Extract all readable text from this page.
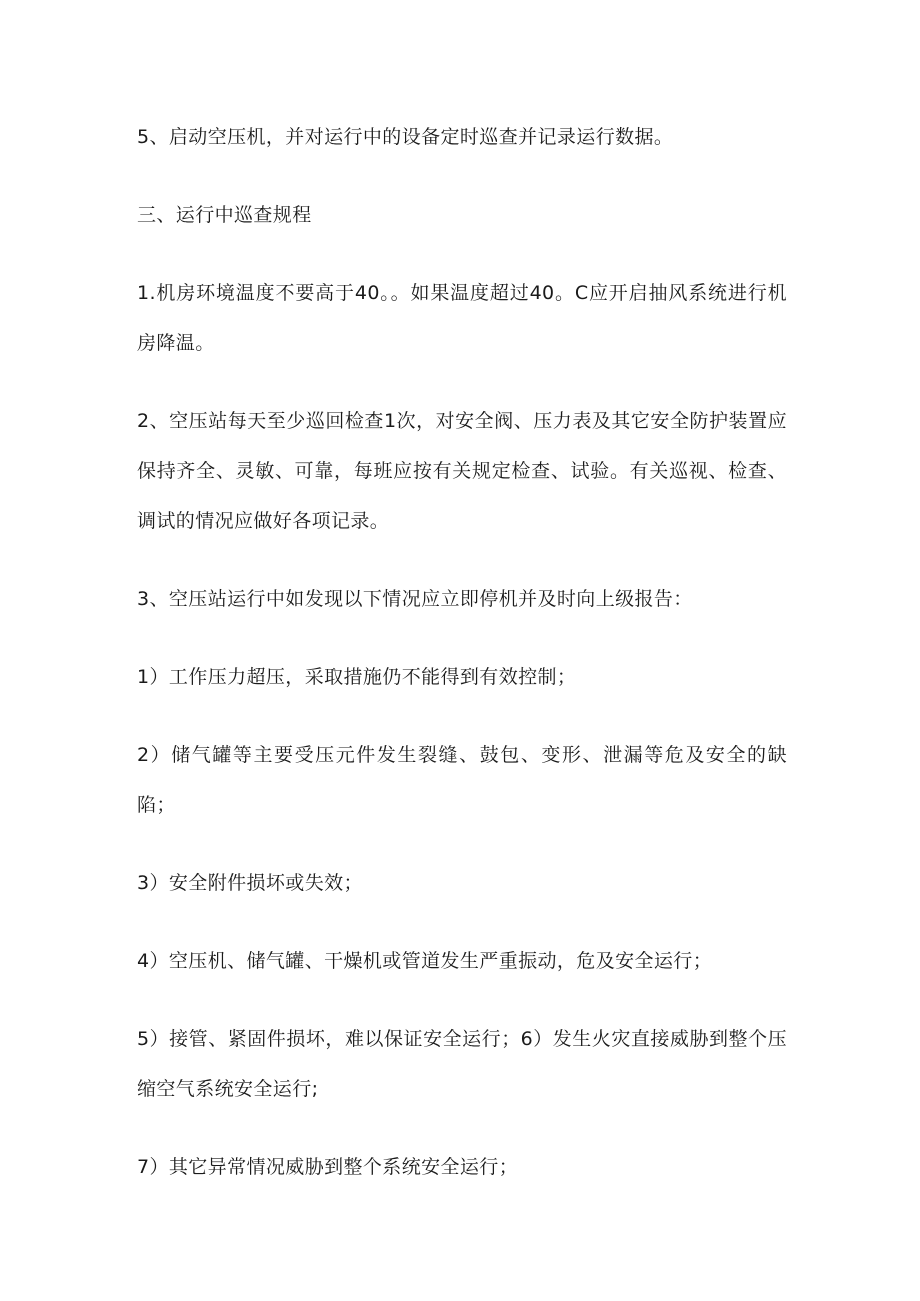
5、启动空压机，并对运行中的设备定时巡查并记录运行数据。

三、运行中巡查规程

1.机房环境温度不要高于40。。如果温度超过40。C应开启抽风系统进行机房降温。

2、空压站每天至少巡回检查1次，对安全阀、压力表及其它安全防护装置应保持齐全、灵敏、可靠，每班应按有关规定检查、试验。有关巡视、检查、调试的情况应做好各项记录。

3、空压站运行中如发现以下情况应立即停机并及时向上级报告：

1）工作压力超压，采取措施仍不能得到有效控制；

2）储气罐等主要受压元件发生裂缝、鼓包、变形、泄漏等危及安全的缺陷；

3）安全附件损坏或失效；

4）空压机、储气罐、干燥机或管道发生严重振动，危及安全运行；

5）接管、紧固件损坏，难以保证安全运行；6）发生火灾直接威胁到整个压缩空气系统安全运行;

7）其它异常情况威胁到整个系统安全运行；
